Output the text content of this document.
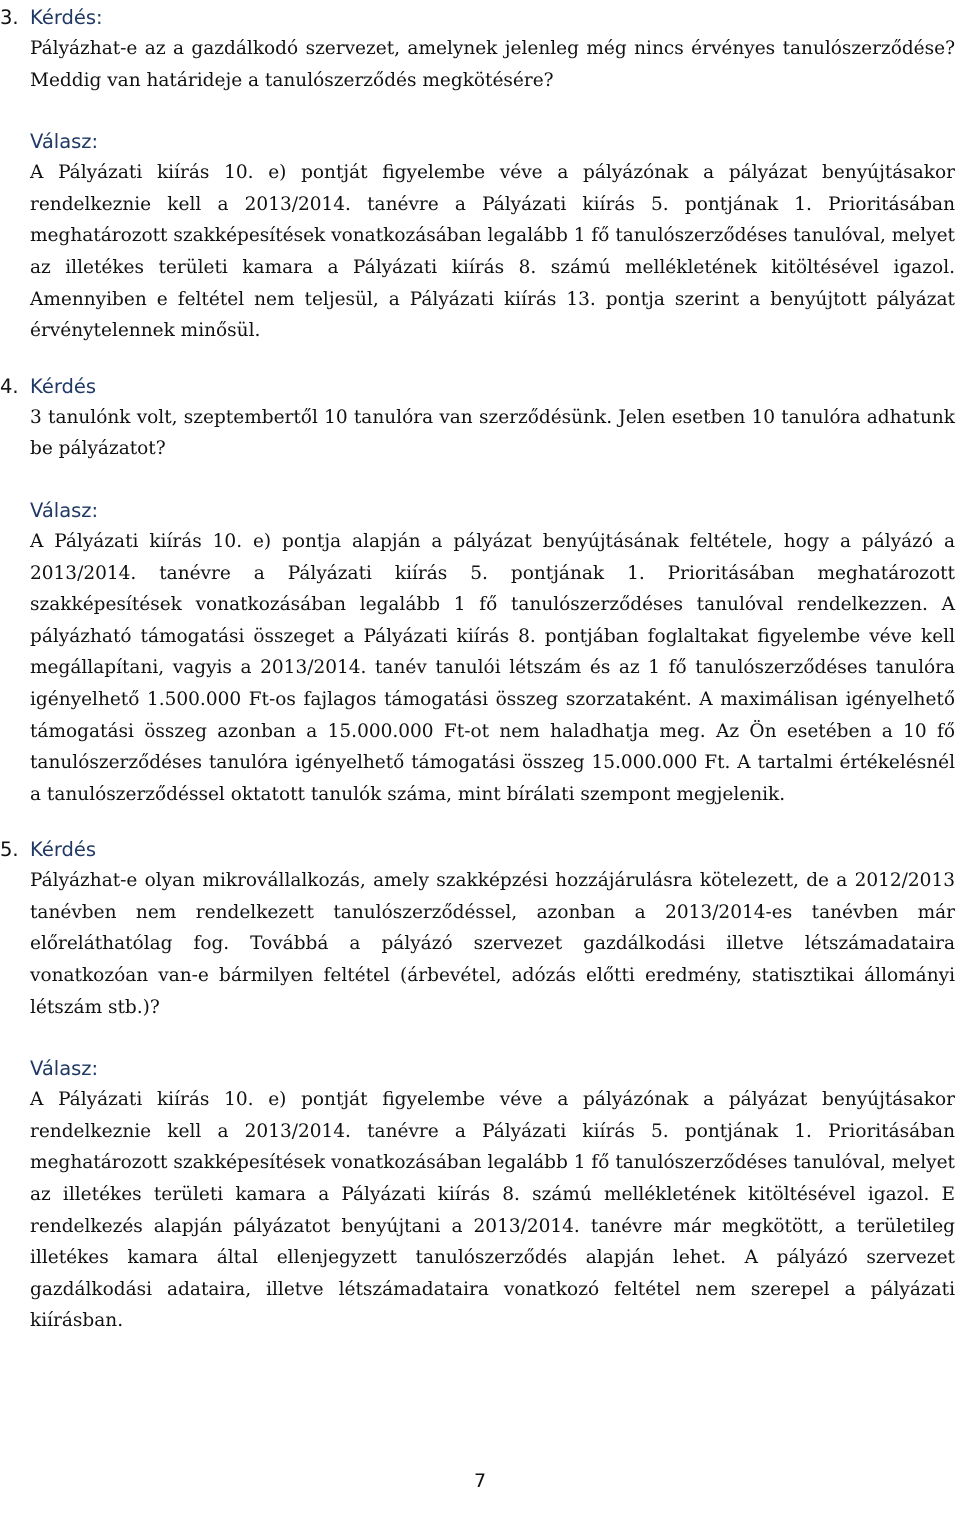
3. Kérdés:

Pályázhat-e az a gazdálkodó szervezet, amelynek jelenleg még nincs érvényes tanulószerződése? Meddig van határideje a tanulószerződés megkötésére?

Válasz:

A Pályázati kiírás 10. e) pontját figyelembe véve a pályázónak a pályázat benyújtásakor rendelkeznie kell a 2013/2014. tanévre a Pályázati kiírás 5. pontjának 1. Prioritásában meghatározott szakképesítések vonatkozásában legalább 1 fő tanulószerződéses tanulóval, melyet az illetékes területi kamara a Pályázati kiírás 8. számú mellékletének kitöltésével igazol. Amennyiben e feltétel nem teljesül, a Pályázati kiírás 13. pontja szerint a benyújtott pályázat érvénytelennek minősül.

4. Kérdés

3 tanulónk volt, szeptembertől 10 tanulóra van szerződésünk. Jelen esetben 10 tanulóra adhatunk be pályázatot?

Válasz:

A Pályázati kiírás 10. e) pontja alapján a pályázat benyújtásának feltétele, hogy a pályázó a 2013/2014. tanévre a Pályázati kiírás 5. pontjának 1. Prioritásában meghatározott szakképesítések vonatkozásában legalább 1 fő tanulószerződéses tanulóval rendelkezzen. A pályázható támogatási összeget a Pályázati kiírás 8. pontjában foglaltakat figyelembe véve kell megállapítani, vagyis a 2013/2014. tanév tanulói létszám és az 1 fő tanulószerződéses tanulóra igényelhető 1.500.000 Ft-os fajlagos támogatási összeg szorzataként. A maximálisan igényelhető támogatási összeg azonban a 15.000.000 Ft-ot nem haladhatja meg. Az Ön esetében a 10 fő tanulószerződéses tanulóra igényelhető támogatási összeg 15.000.000 Ft. A tartalmi értékelésnél a tanulószerződéssel oktatott tanulók száma, mint bírálati szempont megjelenik.

5. Kérdés

Pályázhat-e olyan mikrovállalkozás, amely szakképzési hozzájárulásra kötelezett, de a 2012/2013 tanévben nem rendelkezett tanulószerződéssel, azonban a 2013/2014-es tanévben már előreláthatólag fog. Továbbá a pályázó szervezet gazdálkodási illetve létszámadataira vonatkozóan van-e bármilyen feltétel (árbevétel, adózás előtti eredmény, statisztikai állományi létszám stb.)?

Válasz:

A Pályázati kiírás 10. e) pontját figyelembe véve a pályázónak a pályázat benyújtásakor rendelkeznie kell a 2013/2014. tanévre a Pályázati kiírás 5. pontjának 1. Prioritásában meghatározott szakképesítések vonatkozásában legalább 1 fő tanulószerződéses tanulóval, melyet az illetékes területi kamara a Pályázati kiírás 8. számú mellékletének kitöltésével igazol. E rendelkezés alapján pályázatot benyújtani a 2013/2014. tanévre már megkötött, a területileg illetékes kamara által ellenjegyzett tanulószerződés alapján lehet. A pályázó szervezet gazdálkodási adataira, illetve létszámadataira vonatkozó feltétel nem szerepel a pályázati kiírásban.

7
